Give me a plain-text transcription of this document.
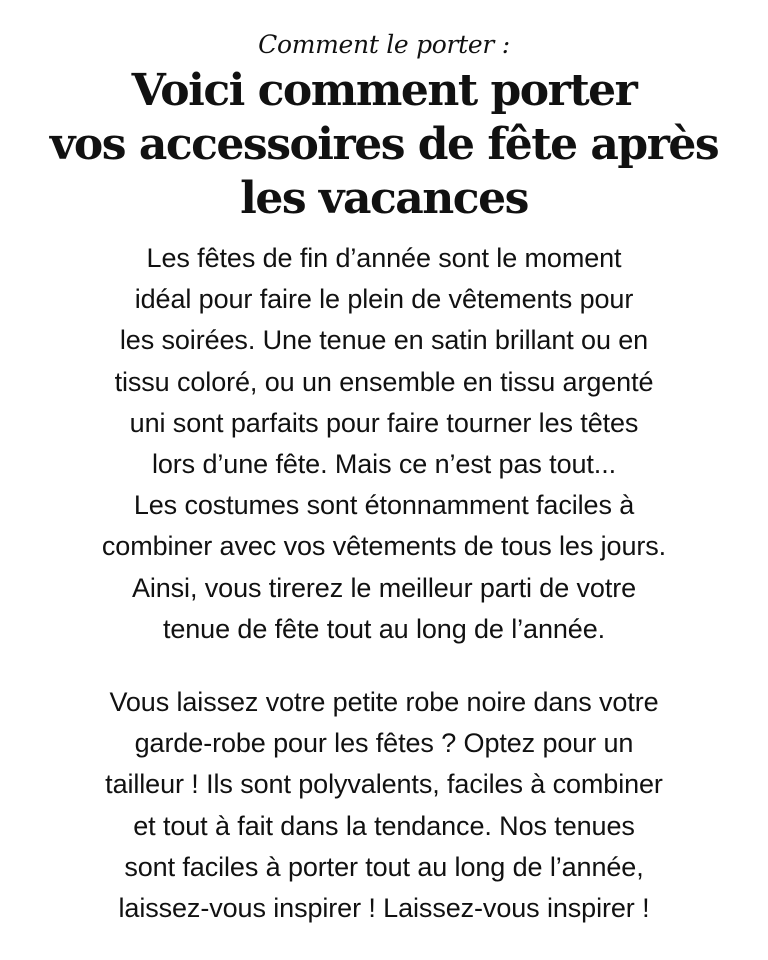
Comment le porter :

Voici comment porter
vos accessoires de fête après
les vacances

Les fêtes de fin d’année sont le moment
idéal pour faire le plein de vêtements pour
les soirées. Une tenue en satin brillant ou en
tissu coloré, ou un ensemble en tissu argenté
uni sont parfaits pour faire tourner les têtes
lors d’une fête. Mais ce n’est pas tout...
Les costumes sont étonnamment faciles à
combiner avec vos vêtements de tous les jours.
Ainsi, vous tirerez le meilleur parti de votre
tenue de fête tout au long de l’année.

Vous laissez votre petite robe noire dans votre
garde-robe pour les fêtes ? Optez pour un
tailleur ! Ils sont polyvalents, faciles à combiner
et tout à fait dans la tendance. Nos tenues
sont faciles à porter tout au long de l’année,
laissez-vous inspirer ! Laissez-vous inspirer !
